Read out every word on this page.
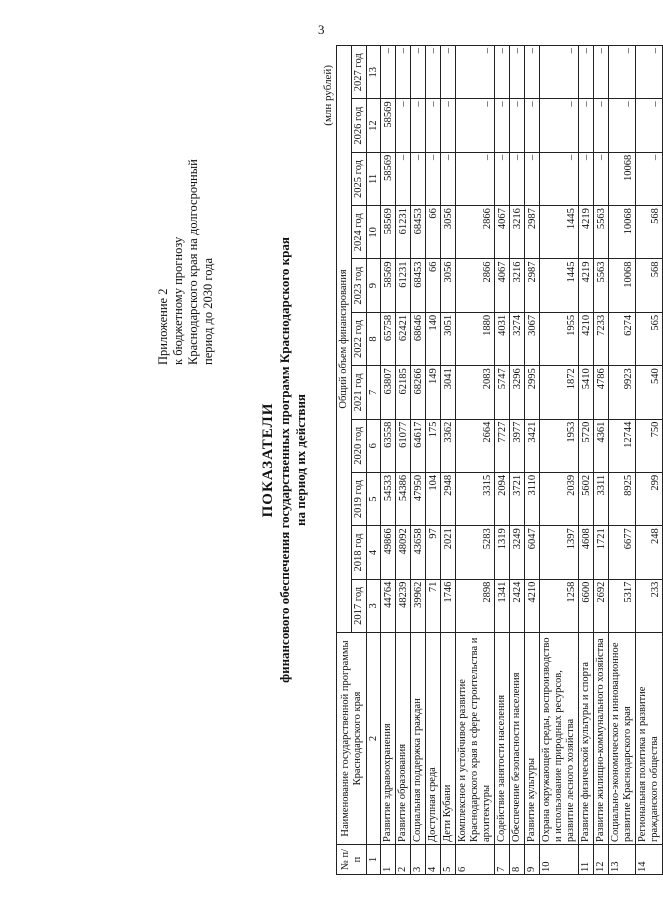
3
Приложение 2 к бюджетному прогнозу Краснодарского края на долгосрочный период до 2030 года
ПОКАЗАТЕЛИ финансового обеспечения государственных программ Краснодарского края на период их действия
(млн рублей)
№ п/п	Наименование государственной программы Краснодарского края	Общий объем финансирования										
		2017 год	2018 год	2019 год	2020 год	2021 год	2022 год	2023 год	2024 год	2025 год	2026 год	2027 год
1	2	3	4	5	6	7	8	9	10	11	12	13
1	Развитие здравоохранения	44764	49866	54533	63558	63807	65758	58569	58569	58569	58569	–
2	Развитие образования	48239	48092	54386	61077	62185	62421	61231	61231	–	–	–
3	Социальная поддержка граждан	39962	43658	47950	64617	68266	68646	68453	68453	–	–	–
4	Доступная среда	71	97	104	175	149	140	66	66	–	–	–
5	Дети Кубани	1746	2021	2948	3362	3041	3051	3056	3056	–	–	–
6	Комплексное и устойчивое развитие Краснодарского края в сфере строительства и архитектуры	2898	5283	3315	2664	2083	1880	2866	2866	–	–	–
7	Содействие занятости населения	1341	1319	2094	7727	5747	4031	4067	4067	–	–	–
8	Обеспечение безопасности населения	2424	3249	3721	3977	3296	3274	3216	3216	–	–	–
9	Развитие культуры	4210	6047	3110	3421	2995	3067	2987	2987	–	–	–
10	Охрана окружающей среды, воспроизводство и использование природных ресурсов, развитие лесного хозяйства	1258	1397	2039	1953	1872	1955	1445	1445	–	–	–
11	Развитие физической культуры и спорта	6600	4608	5602	5720	5410	4210	4219	4219	–	–	–
12	Развитие жилищно-коммунального хозяйства	2692	1721	3311	4361	4786	7233	5563	5563	–	–	–
13	Социально-экономическое и инновационное развитие Краснодарского края	5317	6677	8925	12744	9923	6274	10068	10068	10068	–	–
14	Региональная политика и развитие гражданского общества	233	248	299	750	540	565	568	568	–	–	–
